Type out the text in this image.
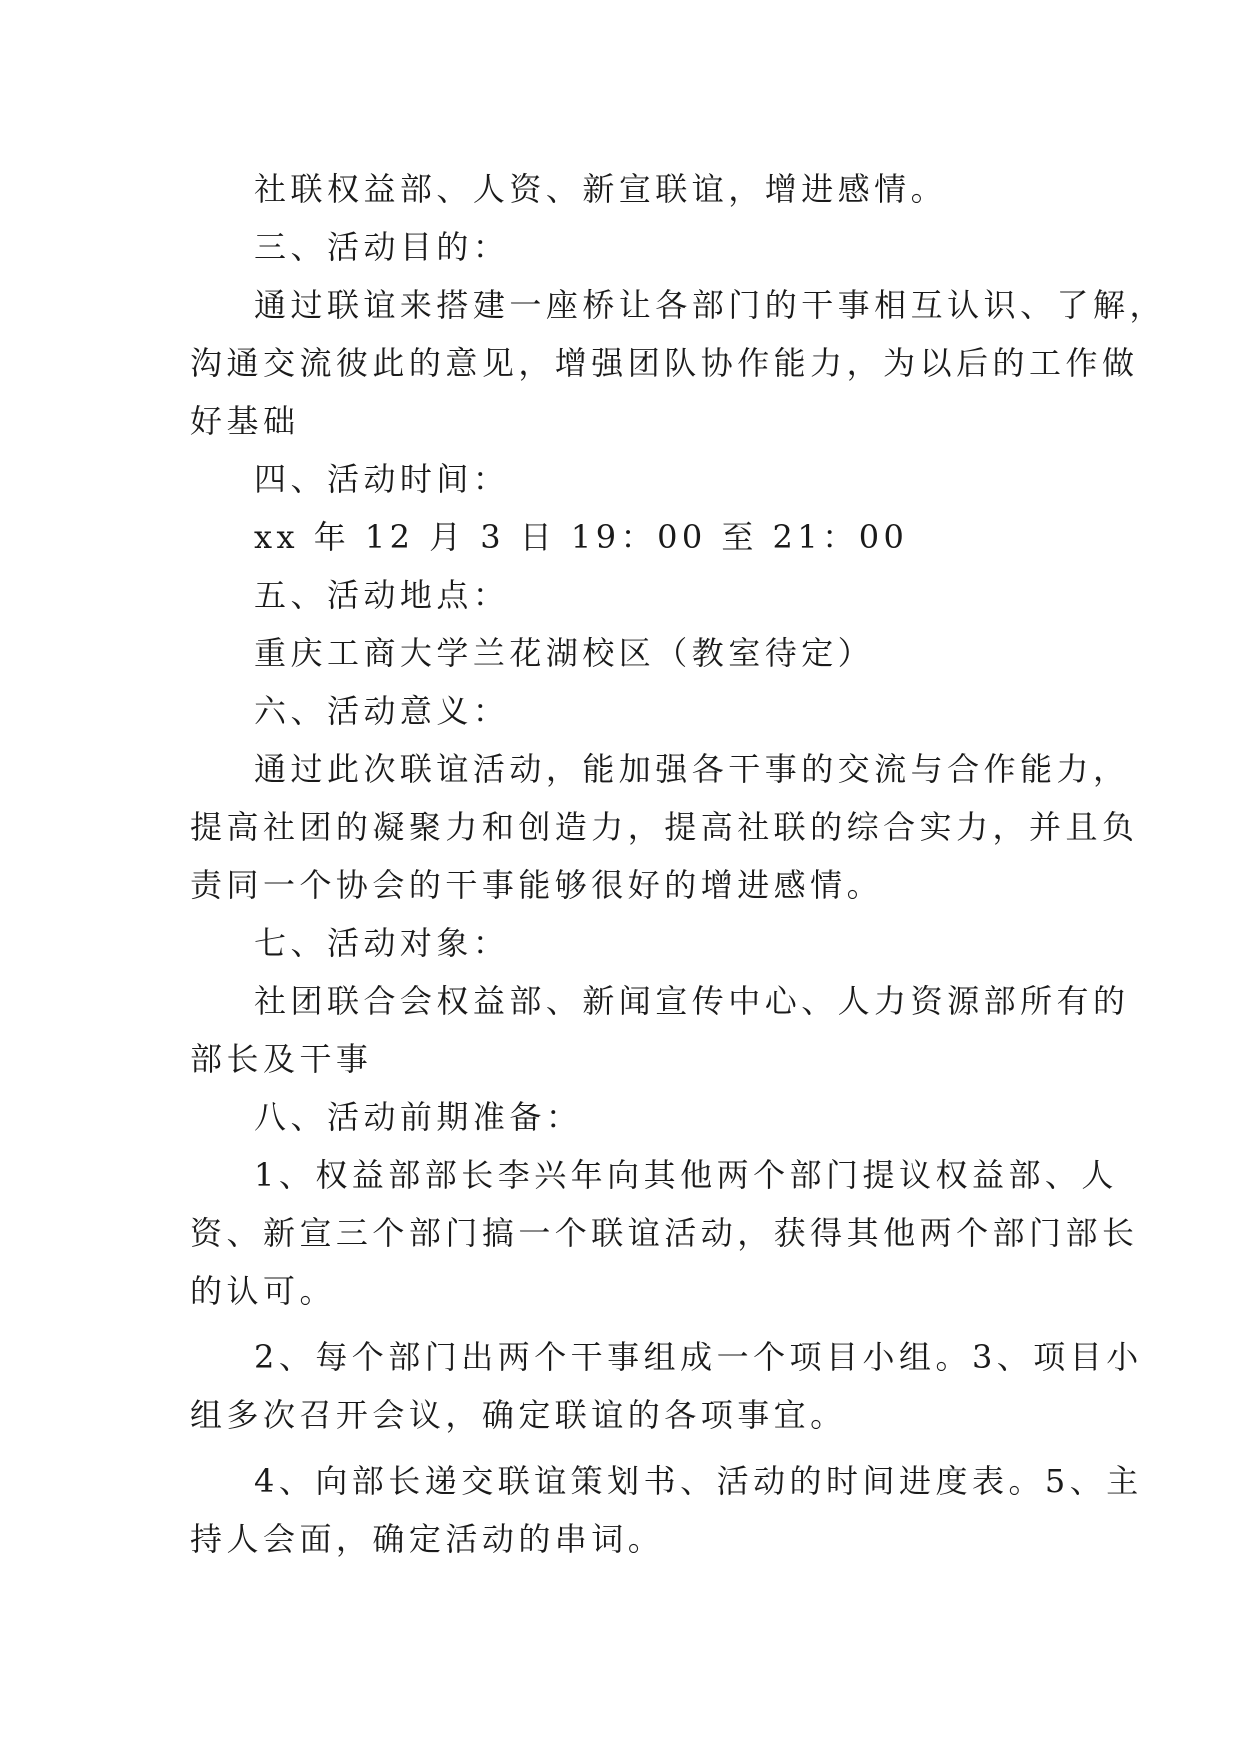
社联权益部、人资、新宣联谊，增进感情。
三、活动目的：
通过联谊来搭建一座桥让各部门的干事相互认识、了解，
沟通交流彼此的意见，增强团队协作能力，为以后的工作做
好基础
四、活动时间：
xx 年 12 月 3 日 19：00 至 21：00
五、活动地点：
重庆工商大学兰花湖校区（教室待定）
六、活动意义：
通过此次联谊活动，能加强各干事的交流与合作能力，
提高社团的凝聚力和创造力，提高社联的综合实力，并且负
责同一个协会的干事能够很好的增进感情。
七、活动对象：
社团联合会权益部、新闻宣传中心、人力资源部所有的
部长及干事
八、活动前期准备：
1、权益部部长李兴年向其他两个部门提议权益部、人
资、新宣三个部门搞一个联谊活动，获得其他两个部门部长
的认可。
2、每个部门出两个干事组成一个项目小组。3、项目小
组多次召开会议，确定联谊的各项事宜。
4、向部长递交联谊策划书、活动的时间进度表。5、主
持人会面，确定活动的串词。
